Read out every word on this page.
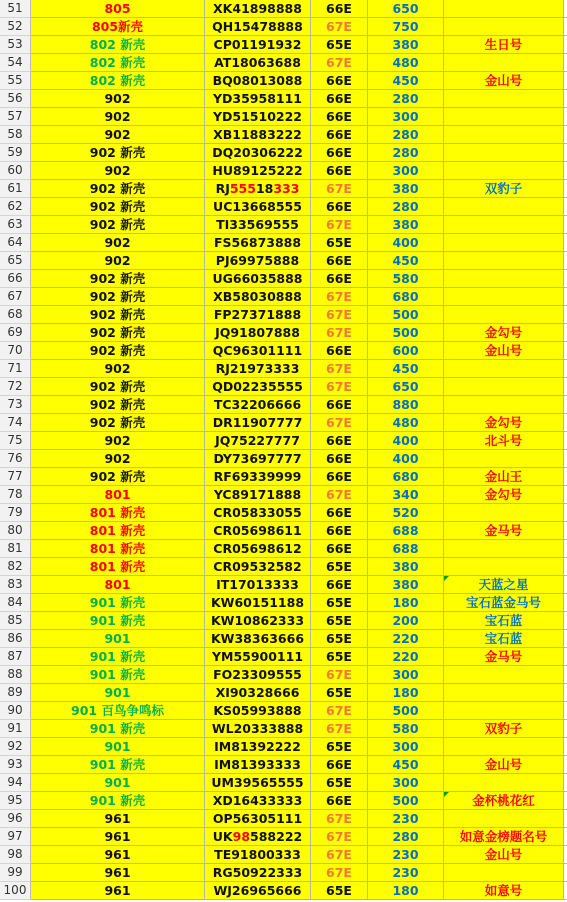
51	805	XK41898888	66E	650
52	805新壳	QH15478888	67E	750
53	802 新壳	CP01191932	65E	380	生日号
54	802 新壳	AT18063688	67E	480
55	802 新壳	BQ08013088	66E	450	金山号
56	902	YD35958111	66E	280
57	902	YD51510222	66E	300
58	902	XB11883222	66E	280
59	902 新壳	DQ20306222	66E	280
60	902	HU89125222	66E	300
61	902 新壳	RJ55518333	67E	380	双豹子
62	902 新壳	UC13668555	66E	280
63	902 新壳	TI33569555	67E	380
64	902	FS56873888	65E	400
65	902	PJ69975888	66E	450
66	902 新壳	UG66035888	66E	580
67	902 新壳	XB58030888	67E	680
68	902 新壳	FP27371888	67E	500
69	902 新壳	JQ91807888	67E	500	金勾号
70	902 新壳	QC96301111	66E	600	金山号
71	902	RJ21973333	67E	450
72	902 新壳	QD02235555	67E	650
73	902 新壳	TC32206666	66E	880
74	902 新壳	DR11907777	67E	480	金勾号
75	902	JQ75227777	66E	400	北斗号
76	902	DY73697777	66E	400
77	902 新壳	RF69339999	66E	680	金山王
78	801	YC89171888	67E	340	金勾号
79	801 新壳	CR05833055	66E	520
80	801 新壳	CR05698611	66E	688	金马号
81	801 新壳	CR05698612	66E	688
82	801 新壳	CR09532582	65E	380
83	801	IT17013333	66E	380	天蓝之星
84	901 新壳	KW60151188	65E	180	宝石蓝金马号
85	901 新壳	KW10862333	65E	200	宝石蓝
86	901	KW38363666	65E	220	宝石蓝
87	901 新壳	YM55900111	65E	220	金马号
88	901 新壳	FO23309555	67E	300
89	901	XI90328666	65E	180
90	901 百鸟争鸣标	KS05993888	67E	500
91	901 新壳	WL20333888	67E	580	双豹子
92	901	IM81392222	65E	300
93	901 新壳	IM81393333	66E	450	金山号
94	901	UM39565555	65E	300
95	901 新壳	XD16433333	66E	500	金杯桃花红
96	961	OP56305111	67E	230
97	961	UK98588222	67E	280	如意金榜题名号
98	961	TE91800333	67E	230	金山号
99	961	RG50922333	67E	230
100	961	WJ26965666	65E	180	如意号
